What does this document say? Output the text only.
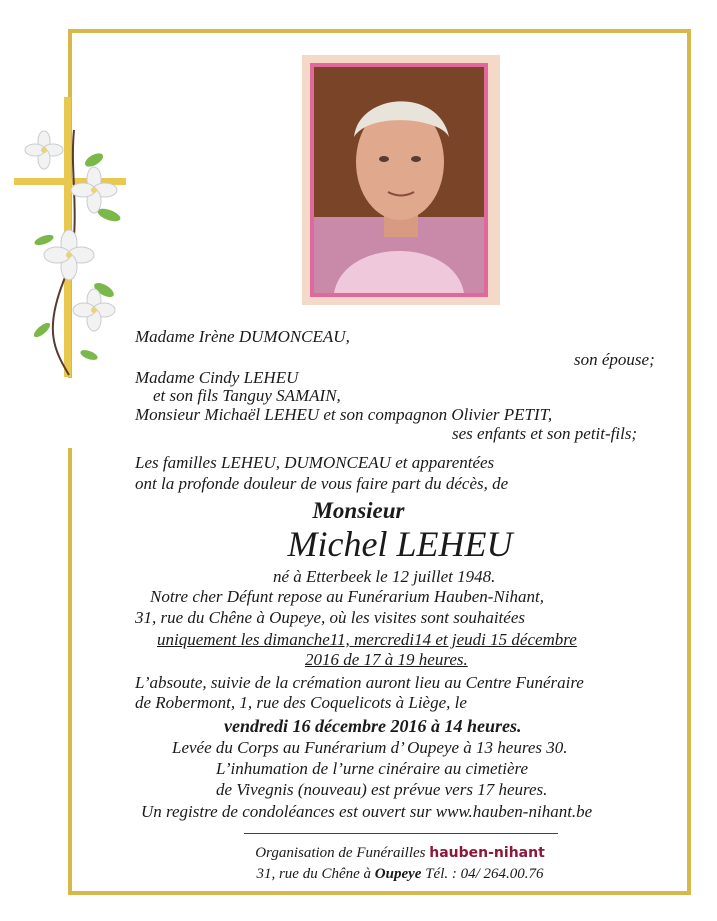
Madame Irène DUMONCEAU,
son épouse;
Madame Cindy LEHEU
et son fils Tanguy SAMAIN,
Monsieur Michaël LEHEU et son compagnon Olivier PETIT,
ses enfants et son petit-fils;
Les familles LEHEU, DUMONCEAU et apparentées
ont la profonde douleur de vous faire part du décès, de
Monsieur
Michel LEHEU
né à Etterbeek le 12 juillet 1948.
Notre cher Défunt repose au Funérarium Hauben-Nihant,
31, rue du Chêne à Oupeye, où les visites sont souhaitées
uniquement les dimanche11, mercredi14 et jeudi 15 décembre
2016 de 17 à 19 heures.
L’absoute, suivie de la crémation auront lieu au Centre Funéraire
de Robermont, 1, rue des Coquelicots à Liège, le
vendredi 16 décembre 2016 à 14 heures.
Levée du Corps au Funérarium d’ Oupeye à 13 heures 30.
L’inhumation de l’urne cinéraire au cimetière
de Vivegnis (nouveau) est prévue vers 17 heures.
Un registre de condoléances est ouvert sur www.hauben-nihant.be
Organisation de Funérailles hauben-nihant
31, rue du Chêne à Oupeye Tél. : 04/ 264.00.76
